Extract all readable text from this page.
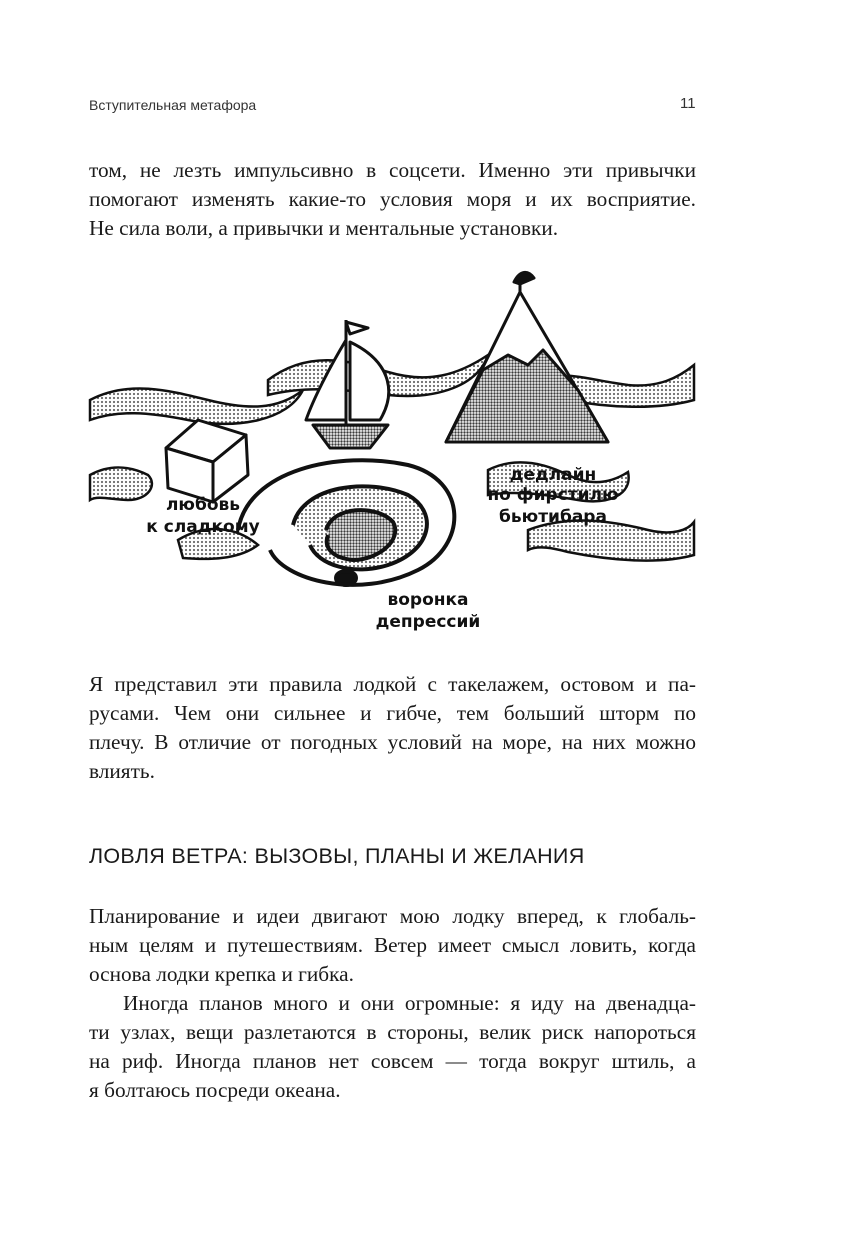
Вступительная метафора	11

том, не лезть импульсивно в соцсети. Именно эти привычки
помогают изменять какие-то условия моря и их восприятие.
Не сила воли, а привычки и ментальные установки.

любовь
к сладкому
дедлайн
по фирстилю
бьютибара
воронка
депрессий

Я представил эти правила лодкой с такелажем, остовом и па-
русами. Чем они сильнее и гибче, тем больший шторм по
плечу. В отличие от погодных условий на море, на них можно
влиять.

ЛОВЛЯ ВЕТРА: ВЫЗОВЫ, ПЛАНЫ И ЖЕЛАНИЯ

Планирование и идеи двигают мою лодку вперед, к глобаль-
ным целям и путешествиям. Ветер имеет смысл ловить, когда
основа лодки крепка и гибка.

Иногда планов много и они огромные: я иду на двенадца-
ти узлах, вещи разлетаются в стороны, велик риск напороться
на риф. Иногда планов нет совсем — тогда вокруг штиль, а
я болтаюсь посреди океана.
